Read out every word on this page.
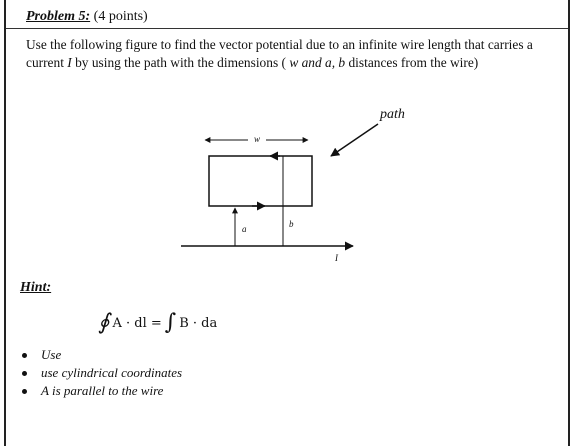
Problem 5: (4 points)
Use the following figure to find the vector potential due to an infinite wire length that carries a current I by using the path with the dimensions ( w and a, b distances from the wire)
path
w
a	b
I
Hint:
∮ A · dl = ∫ B · da
Use
use cylindrical coordinates
A is parallel to the wire
